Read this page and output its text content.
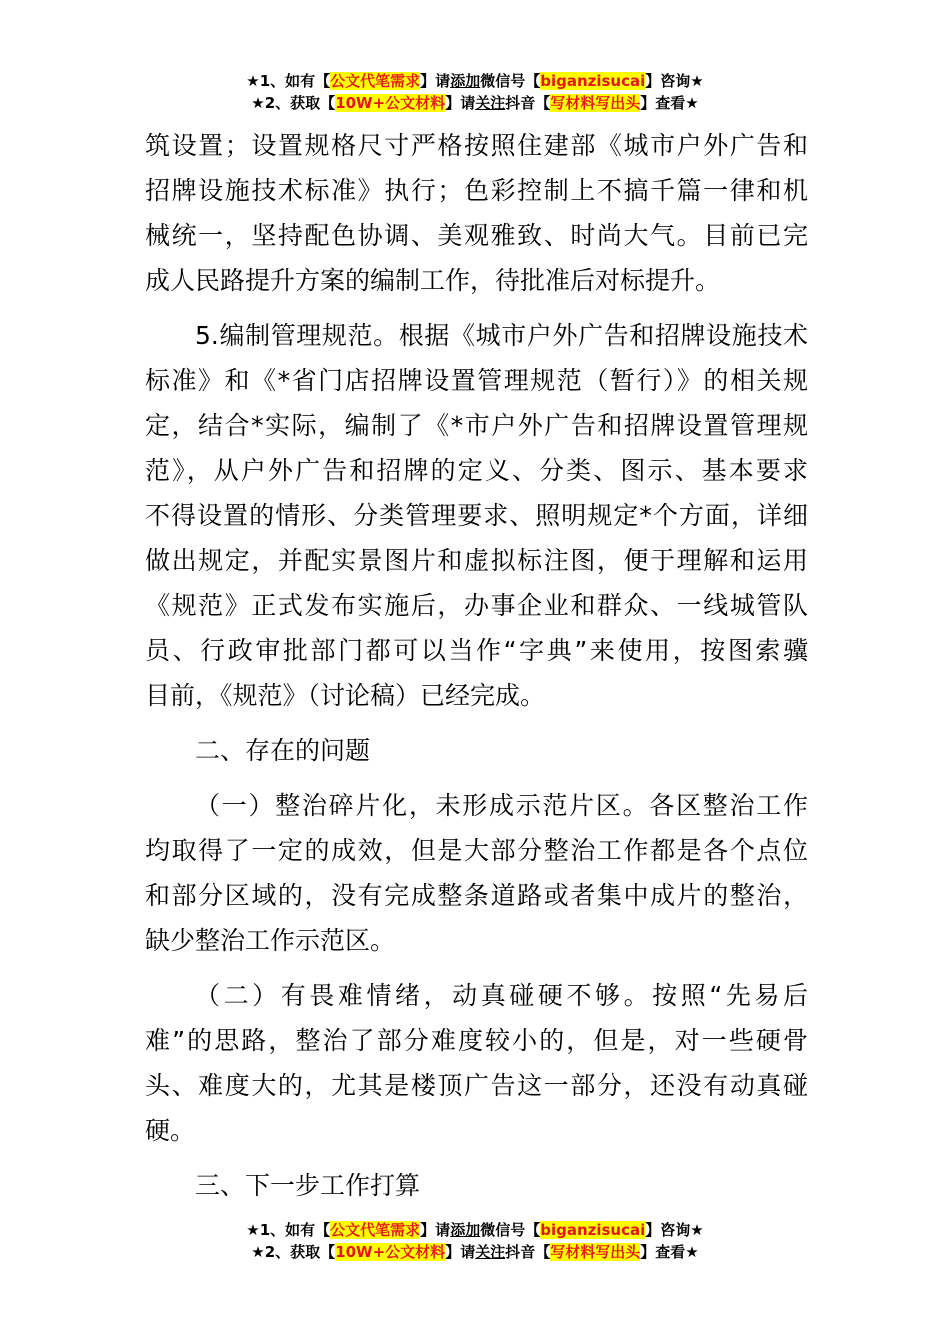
★1、如有【公文代笔需求】请添加微信号【biganzisucai】咨询★
★2、获取【10W+公文材料】请关注抖音【写材料写出头】查看★
筑设置；设置规格尺寸严格按照住建部《城市户外广告和
招牌设施技术标准》执行；色彩控制上不搞千篇一律和机
械统一，坚持配色协调、美观雅致、时尚大气。目前已完
成人民路提升方案的编制工作，待批准后对标提升。
5.编制管理规范。根据《城市户外广告和招牌设施技术
标准》和《*省门店招牌设置管理规范（暂行）》的相关规
定，结合*实际，编制了《*市户外广告和招牌设置管理规
范》，从户外广告和招牌的定义、分类、图示、基本要求
不得设置的情形、分类管理要求、照明规定*个方面，详细
做出规定，并配实景图片和虚拟标注图，便于理解和运用
《规范》正式发布实施后，办事企业和群众、一线城管队
员、行政审批部门都可以当作“字典”来使用，按图索骥
目前，《规范》（讨论稿）已经完成。
二、存在的问题
（一）整治碎片化，未形成示范片区。各区整治工作
均取得了一定的成效，但是大部分整治工作都是各个点位
和部分区域的，没有完成整条道路或者集中成片的整治，
缺少整治工作示范区。
（二）有畏难情绪，动真碰硬不够。按照“先易后
难”的思路，整治了部分难度较小的，但是，对一些硬骨
头、难度大的，尤其是楼顶广告这一部分，还没有动真碰
硬。
三、下一步工作打算
★1、如有【公文代笔需求】请添加微信号【biganzisucai】咨询★
★2、获取【10W+公文材料】请关注抖音【写材料写出头】查看★
